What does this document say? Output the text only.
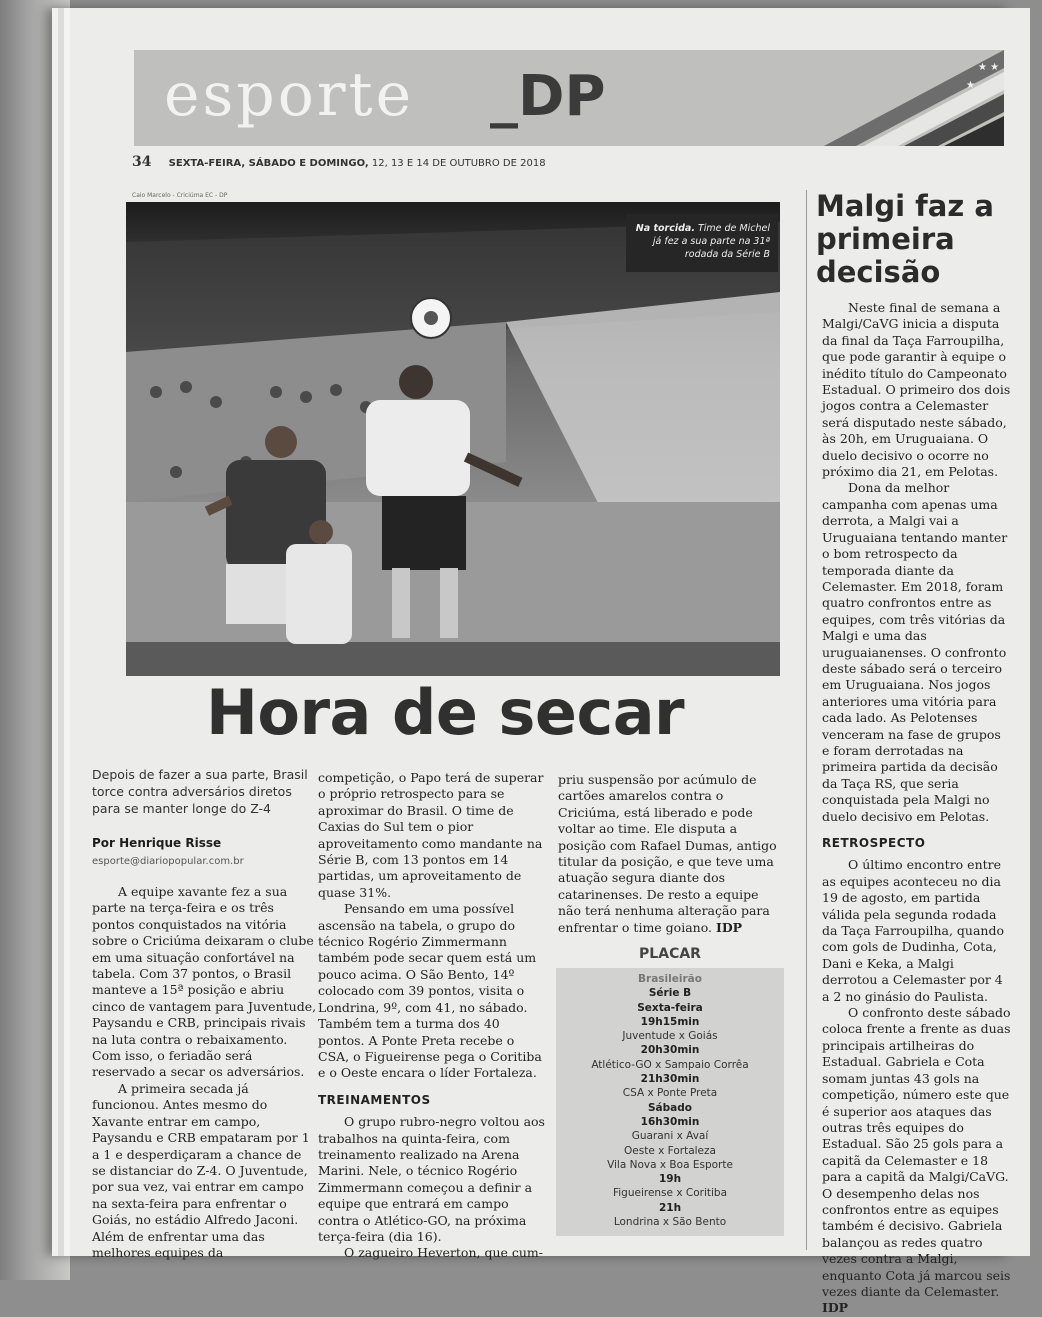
esporte _DP	★ ★
★
34 SEXTA-FEIRA, SÁBADO E DOMINGO, 12, 13 E 14 DE OUTUBRO DE 2018
Caio Marcelo - Criciúma EC - DP
Na torcida. Time de Michel já fez a sua parte na 31ª rodada da Série B
Hora de secar
Depois de fazer a sua parte, Brasil torce contra adversários diretos para se manter longe do Z-4
Por Henrique Risse
esporte@diariopopular.com.br

A equipe xavante fez a sua parte na terça-feira e os três pontos conquistados na vitória sobre o Criciúma deixaram o clube em uma situação confortável na tabela. Com 37 pontos, o Brasil manteve a 15ª posição e abriu cinco de vantagem para Juventude, Paysandu e CRB, principais rivais na luta contra o rebaixamento. Com isso, o feriadão será reservado a secar os adversários.

A primeira secada já funcionou. Antes mesmo do Xavante entrar em campo, Paysandu e CRB empataram por 1 a 1 e desperdiçaram a chance de se distanciar do Z-4. O Juventude, por sua vez, vai entrar em campo na sexta-feira para enfrentar o Goiás, no estádio Alfredo Jaconi. Além de enfrentar uma das melhores equipes da

competição, o Papo terá de superar o próprio retrospecto para se aproximar do Brasil. O time de Caxias do Sul tem o pior aproveitamento como mandante na Série B, com 13 pontos em 14 partidas, um aproveitamento de quase 31%.

Pensando em uma possível ascensão na tabela, o grupo do técnico Rogério Zimmermann também pode secar quem está um pouco acima. O São Bento, 14º colocado com 39 pontos, visita o Londrina, 9º, com 41, no sábado. Também tem a turma dos 40 pontos. A Ponte Preta recebe o CSA, o Figueirense pega o Coritiba e o Oeste encara o líder Fortaleza.

TREINAMENTOS

O grupo rubro-negro voltou aos trabalhos na quinta-feira, com treinamento realizado na Arena Marini. Nele, o técnico Rogério Zimmermann começou a definir a equipe que entrará em campo contra o Atlético-GO, na próxima terça-feira (dia 16).

O zagueiro Heverton, que cum-

priu suspensão por acúmulo de cartões amarelos contra o Criciúma, está liberado e pode voltar ao time. Ele disputa a posição com Rafael Dumas, antigo titular da posição, e que teve uma atuação segura diante dos catarinenses. De resto a equipe não terá nenhuma alteração para enfrentar o time goiano. IDP

PLACAR
Brasileirão
Série B
Sexta-feira
19h15min
Juventude x Goiás
20h30min
Atlético-GO x Sampaio Corrêa
21h30min
CSA x Ponte Preta
Sábado
16h30min
Guarani x Avaí
Oeste x Fortaleza
Vila Nova x Boa Esporte
19h
Figueirense x Coritiba
21h
Londrina x São Bento
Malgi faz a primeira decisão

Neste final de semana a Malgi/CaVG inicia a disputa da final da Taça Farroupilha, que pode garantir à equipe o inédito título do Campeonato Estadual. O primeiro dos dois jogos contra a Celemaster será disputado neste sábado, às 20h, em Uruguaiana. O duelo decisivo o ocorre no próximo dia 21, em Pelotas.

Dona da melhor campanha com apenas uma derrota, a Malgi vai a Uruguaiana tentando manter o bom retrospecto da temporada diante da Celemaster. Em 2018, foram quatro confrontos entre as equipes, com três vitórias da Malgi e uma das uruguaianenses. O confronto deste sábado será o terceiro em Uruguaiana. Nos jogos anteriores uma vitória para cada lado. As Pelotenses venceram na fase de grupos e foram derrotadas na primeira partida da decisão da Taça RS, que seria conquistada pela Malgi no duelo decisivo em Pelotas.

RETROSPECTO

O último encontro entre as equipes aconteceu no dia 19 de agosto, em partida válida pela segunda rodada da Taça Farroupilha, quando com gols de Dudinha, Cota, Dani e Keka, a Malgi derrotou a Celemaster por 4 a 2 no ginásio do Paulista.

O confronto deste sábado coloca frente a frente as duas principais artilheiras do Estadual. Gabriela e Cota somam juntas 43 gols na competição, número este que é superior aos ataques das outras três equipes do Estadual. São 25 gols para a capitã da Celemaster e 18 para a capitã da Malgi/CaVG. O desempenho delas nos confrontos entre as equipes também é decisivo. Gabriela balançou as redes quatro vezes contra a Malgi, enquanto Cota já marcou seis vezes diante da Celemaster. IDP
